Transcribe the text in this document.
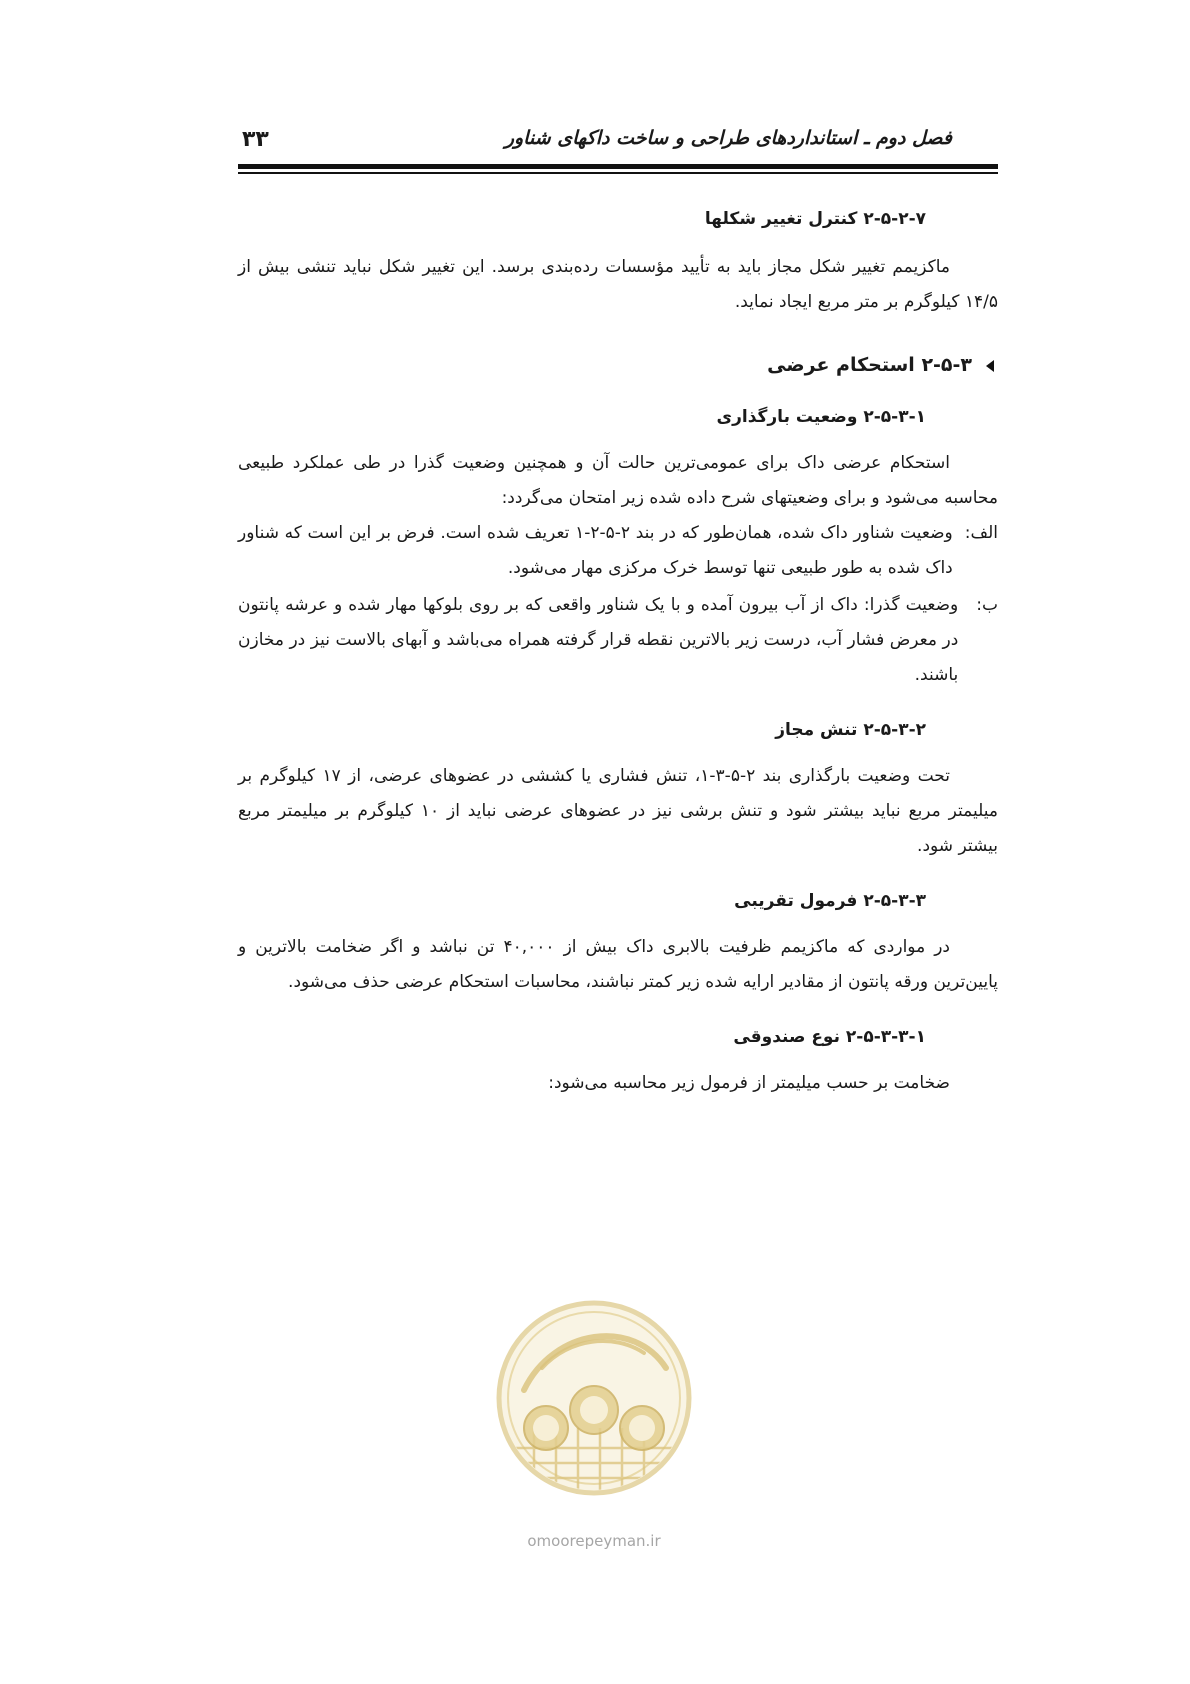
فصل دوم ـ استانداردهای طراحی و ساخت داکهای شناور
۳۳
۲-۵-۲-۷ کنترل تغییر شکلها

ماکزیمم تغییر شکل مجاز باید به تأیید مؤسسات رده‌بندی برسد. این تغییر شکل نباید تنشی بیش از ۱۴/۵ کیلوگرم بر متر مربع ایجاد نماید.

۲-۵-۳ استحکام عرضی
۲-۵-۳-۱ وضعیت بارگذاری

استحکام عرضی داک برای عمومی‌ترین حالت آن و همچنین وضعیت گذرا در طی عملکرد طبیعی محاسبه می‌شود و برای وضعیتهای شرح داده شده زیر امتحان می‌گردد:

الف:
وضعیت شناور داک شده، همان‌طور که در بند ۲-۵-۲-۱ تعریف شده است. فرض بر این است که شناور داک شده به طور طبیعی تنها توسط خرک مرکزی مهار می‌شود.
ب:
وضعیت گذرا: داک از آب بیرون آمده و با یک شناور واقعی که بر روی بلوکها مهار شده و عرشه پانتون در معرض فشار آب، درست زیر بالاترین نقطه قرار گرفته همراه می‌باشد و آبهای بالاست نیز در مخازن باشند.
۲-۵-۳-۲ تنش مجاز

تحت وضعیت بارگذاری بند ۲-۵-۳-۱، تنش فشاری یا کششی در عضوهای عرضی، از ۱۷ کیلوگرم بر میلیمتر مربع نباید بیشتر شود و تنش برشی نیز در عضوهای عرضی نباید از ۱۰ کیلوگرم بر میلیمتر مربع بیشتر شود.

۲-۵-۳-۳ فرمول تقریبی

در مواردی که ماکزیمم ظرفیت بالابری داک بیش از ۴۰,۰۰۰ تن نباشد و اگر ضخامت بالاترین و پایین‌ترین ورقه پانتون از مقادیر ارایه شده زیر کمتر نباشند، محاسبات استحکام عرضی حذف می‌شود.

۲-۵-۳-۳-۱ نوع صندوقی

ضخامت بر حسب میلیمتر از فرمول زیر محاسبه می‌شود:

omoorepeyman.ir
